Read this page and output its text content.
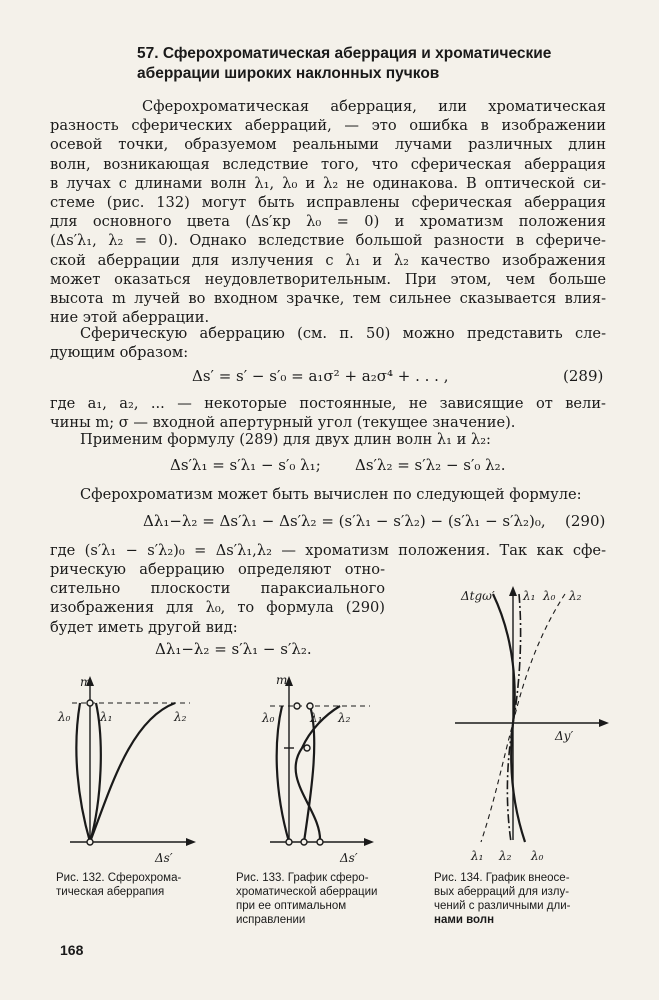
57. Сферохроматическая аберрация и хроматические
аберрации широких наклонных пучков
Сферохроматическая аберрация, или хроматическая
разность сферических аберраций, — это ошибка в изображении
осевой точки, образуемом реальными лучами различных длин
волн, возникающая вследствие того, что сферическая аберрация
в лучах с длинами волн λ₁, λ₀ и λ₂ не одинакова. В оптической си-
стеме (рис. 132) могут быть исправлены сферическая аберрация
для основного цвета (Δs′кр λ₀ = 0) и хроматизм положения
(Δs′λ₁, λ₂ = 0). Однако вследствие большой разности в сфериче-
ской аберрации для излучения с λ₁ и λ₂ качество изображения
может оказаться неудовлетворительным. При этом, чем больше
высота m лучей во входном зрачке, тем сильнее сказывается влия-
ние этой аберрации.
Сферическую аберрацию (см. п. 50) можно представить сле-
дующим образом:
Δs′ = s′ − s′₀ = a₁σ² + a₂σ⁴ + . . . ,	(289)
где a₁, a₂, ... — некоторые постоянные, не зависящие от вели-
чины m; σ — входной апертурный угол (текущее значение).
Применим формулу (289) для двух длин волн λ₁ и λ₂:
Δs′λ₁ = s′λ₁ − s′₀ λ₁; Δs′λ₂ = s′λ₂ − s′₀ λ₂.
Сферохроматизм может быть вычислен по следующей формуле:
Δλ₁−λ₂ = Δs′λ₁ − Δs′λ₂ = (s′λ₁ − s′λ₂) − (s′λ₁ − s′λ₂)₀, (290)
где (s′λ₁ − s′λ₂)₀ = Δs′λ₁,λ₂ — хроматизм положения. Так как сфе-
рическую аберрацию определяют отно-
сительно плоскости параксиального
изображения для λ₀, то формула (290)
будет иметь другой вид:
Δλ₁−λ₂ = s′λ₁ − s′λ₂.
m
λ₀ λ₁	λ₂
Δs′
m
λ₀	λ₁ λ₂
Δs′
Δtgω′ λ₁ λ₀ λ₂
Δy′
λ₁ λ₂ λ₀
Рис. 132. Сферохрома-
тическая аберрапия
Рис. 133. График сферо-
хроматической аберрации
при ее оптимальном
исправлении
Рис. 134. График внеосе-
вых аберраций для излу-
чений с различными дли-
нами волн
168
